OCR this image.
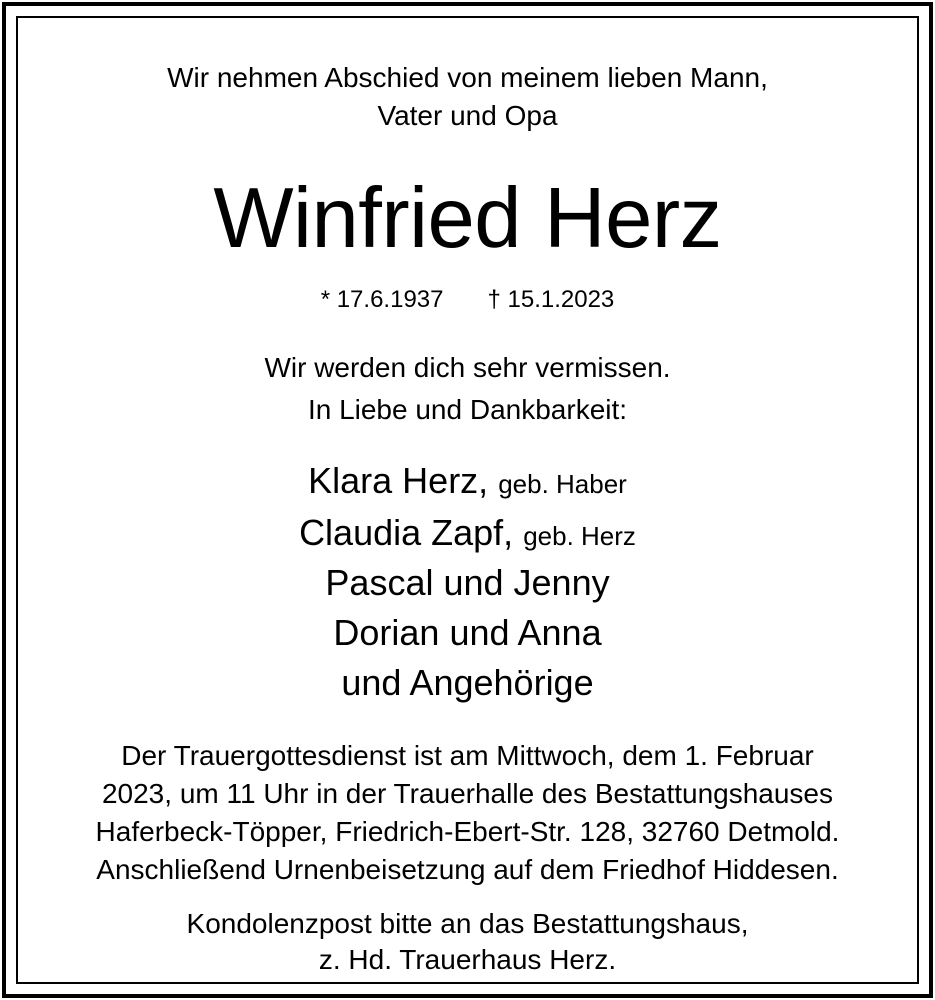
Wir nehmen Abschied von meinem lieben Mann,
Vater und Opa
Winfried Herz
* 17.6.1937 † 15.1.2023
Wir werden dich sehr vermissen.
In Liebe und Dankbarkeit:
Klara Herz, geb. Haber
Claudia Zapf, geb. Herz
Pascal und Jenny
Dorian und Anna
und Angehörige
Der Trauergottesdienst ist am Mittwoch, dem 1. Februar
2023, um 11 Uhr in der Trauerhalle des Bestattungshauses
Haferbeck-Töpper, Friedrich-Ebert-Str. 128, 32760 Detmold.
Anschließend Urnenbeisetzung auf dem Friedhof Hiddesen.
Kondolenzpost bitte an das Bestattungshaus,
z. Hd. Trauerhaus Herz.
